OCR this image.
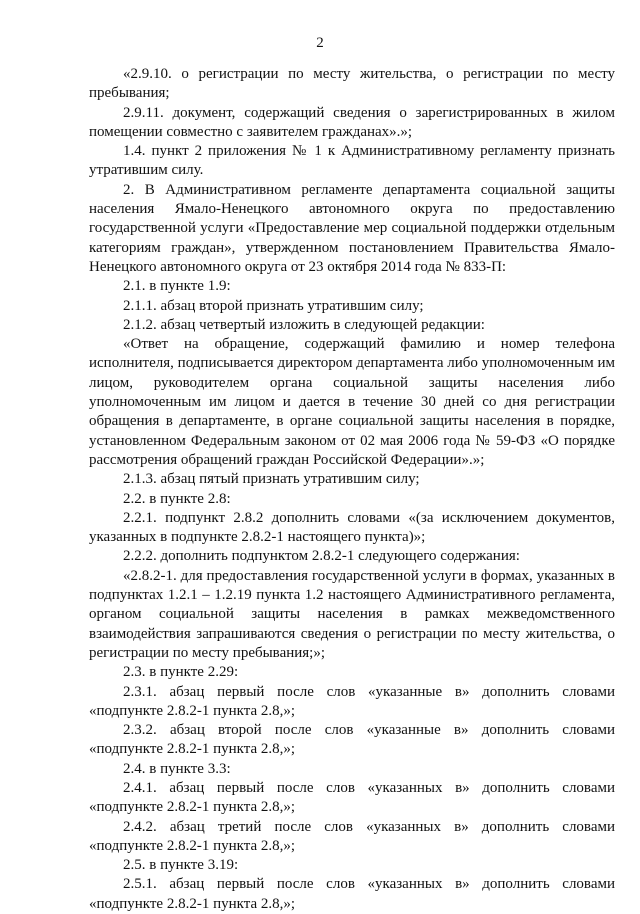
2

«2.9.10. о регистрации по месту жительства, о регистрации по месту пребывания;

2.9.11. документ, содержащий сведения о зарегистрированных в жилом помещении совместно с заявителем гражданах».»;

1.4. пункт 2 приложения № 1 к Административному регламенту признать утратившим силу.

2. В Административном регламенте департамента социальной защиты населения Ямало-Ненецкого автономного округа по предоставлению государственной услуги «Предоставление мер социальной поддержки отдельным категориям граждан», утвержденном постановлением Правительства Ямало-Ненецкого автономного округа от 23 октября 2014 года № 833-П:

2.1. в пункте 1.9:

2.1.1. абзац второй признать утратившим силу;

2.1.2. абзац четвертый изложить в следующей редакции:

«Ответ на обращение, содержащий фамилию и номер телефона исполнителя, подписывается директором департамента либо уполномоченным им лицом, руководителем органа социальной защиты населения либо уполномоченным им лицом и дается в течение 30 дней со дня регистрации обращения в департаменте, в органе социальной защиты населения в порядке, установленном Федеральным законом от 02 мая 2006 года № 59-ФЗ «О порядке рассмотрения обращений граждан Российской Федерации».»;

2.1.3. абзац пятый признать утратившим силу;

2.2. в пункте 2.8:

2.2.1. подпункт 2.8.2 дополнить словами «(за исключением документов, указанных в подпункте 2.8.2-1 настоящего пункта)»;

2.2.2. дополнить подпунктом 2.8.2-1 следующего содержания:

«2.8.2-1. для предоставления государственной услуги в формах, указанных в подпунктах 1.2.1 – 1.2.19 пункта 1.2 настоящего Административного регламента, органом социальной защиты населения в рамках межведомственного взаимодействия запрашиваются сведения о регистрации по месту жительства, о регистрации по месту пребывания;»;

2.3. в пункте 2.29:

2.3.1. абзац первый после слов «указанные в» дополнить словами «подпункте 2.8.2-1 пункта 2.8,»;

2.3.2. абзац второй после слов «указанные в» дополнить словами «подпункте 2.8.2-1 пункта 2.8,»;

2.4. в пункте 3.3:

2.4.1. абзац первый после слов «указанных в» дополнить словами «подпункте 2.8.2-1 пункта 2.8,»;

2.4.2. абзац третий после слов «указанных в» дополнить словами «подпункте 2.8.2-1 пункта 2.8,»;

2.5. в пункте 3.19:

2.5.1. абзац первый после слов «указанных в» дополнить словами «подпункте 2.8.2-1 пункта 2.8,»;
